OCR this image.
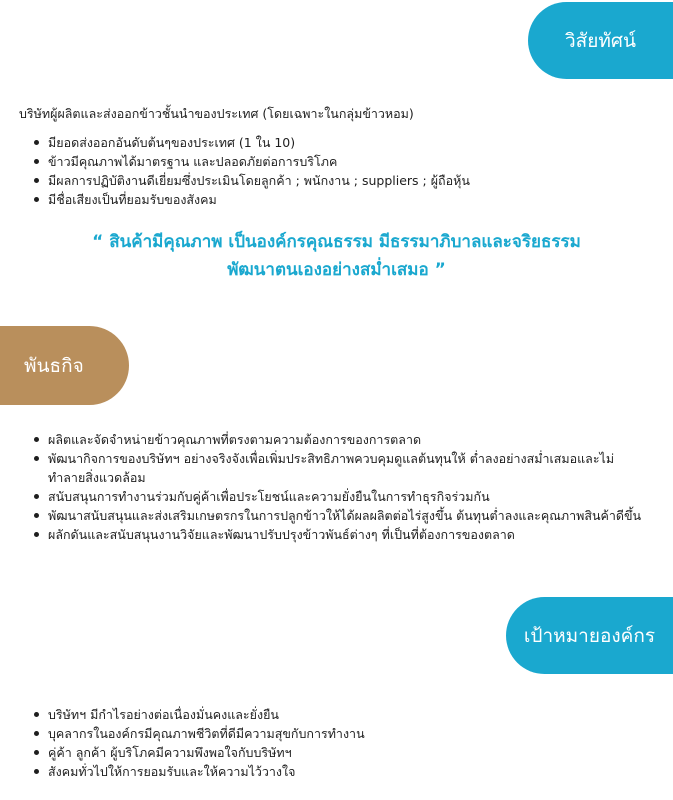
วิสัยทัศน์
บริษัทผู้ผลิตและส่งออกข้าวชั้นนำของประเทศ (โดยเฉพาะในกลุ่มข้าวหอม)
มียอดส่งออกอันดับต้นๆของประเทศ (1 ใน 10)
ข้าวมีคุณภาพได้มาตรฐาน และปลอดภัยต่อการบริโภค
มีผลการปฏิบัติงานดีเยี่ยมซึ่งประเมินโดยลูกค้า ; พนักงาน ; suppliers ; ผู้ถือหุ้น
มีชื่อเสียงเป็นที่ยอมรับของสังคม
“ สินค้ามีคุณภาพ เป็นองค์กรคุณธรรม มีธรรมาภิบาลและจริยธรรม
พัฒนาตนเองอย่างสม่ำเสมอ ”
พันธกิจ
ผลิตและจัดจำหน่ายข้าวคุณภาพที่ตรงตามความต้องการของการตลาด
พัฒนากิจการของบริษัทฯ อย่างจริงจังเพื่อเพิ่มประสิทธิภาพควบคุมดูแลต้นทุนให้ ต่ำลงอย่างสม่ำเสมอและไม่ทำลายสิ่งแวดล้อม
สนับสนุนการทำงานร่วมกับคู่ค้าเพื่อประโยชน์และความยั่งยืนในการทำธุรกิจร่วมกัน
พัฒนาสนับสนุนและส่งเสริมเกษตรกรในการปลูกข้าวให้ได้ผลผลิตต่อไร่สูงขึ้น ต้นทุนต่ำลงและคุณภาพสินค้าดีขึ้น
ผลักดันและสนับสนุนงานวิจัยและพัฒนาปรับปรุงข้าวพันธ์ต่างๆ ที่เป็นที่ต้องการของตลาด
เป้าหมายองค์กร
บริษัทฯ มีกำไรอย่างต่อเนื่องมั่นคงและยั่งยืน
บุคลากรในองค์กรมีคุณภาพชีวิตที่ดีมีความสุขกับการทำงาน
คู่ค้า ลูกค้า ผู้บริโภคมีความพึงพอใจกับบริษัทฯ
สังคมทั่วไปให้การยอมรับและให้ความไว้วางใจ
